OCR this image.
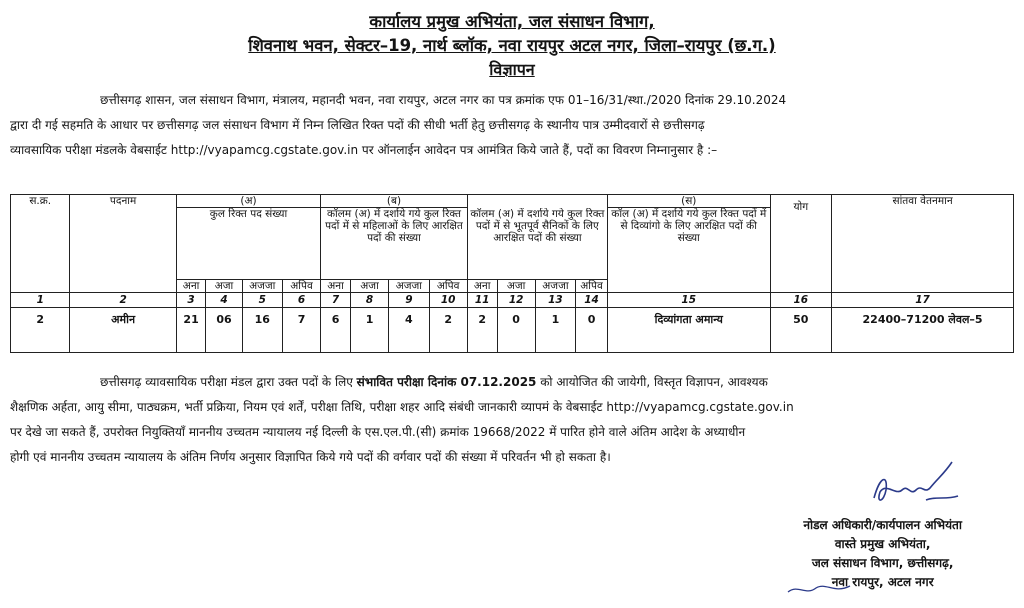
कार्यालय प्रमुख अभियंता, जल संसाधन विभाग,
शिवनाथ भवन, सेक्टर–19, नार्थ ब्लॉक, नवा रायपुर अटल नगर, जिला–रायपुर (छ.ग.)
विज्ञापन
छत्तीसगढ़ शासन, जल संसाधन विभाग, मंत्रालय, महानदी भवन, नवा रायपुर, अटल नगर का पत्र क्रमांक एफ 01–16/31/स्था./2020 दिनांक 29.10.2024
द्वारा दी गई सहमति के आधार पर छत्तीसगढ़ जल संसाधन विभाग में निम्न लिखित रिक्त पदों की सीधी भर्ती हेतु छत्तीसगढ़ के स्थानीय पात्र उम्मीदवारों से छत्तीसगढ़
व्यावसायिक परीक्षा मंडलके वेबसाईट http://vyapamcg.cgstate.gov.in पर ऑनलाईन आवेदन पत्र आमंत्रित किये जाते हैं, पदों का विवरण निम्नानुसार है :–
स.क्र.	पदनाम	(अ)				(ब)								(स)	योग	सांतवा वेतनमान
		कुल रिक्त पद संख्या				कॉलम (अ) में दर्शाये गये कुल रिक्त पदों में से महिलाओं के लिए आरक्षित पदों की संख्या				कॉलम (अ) में दर्शाये गये कुल रिक्त पदों में से भूतपूर्व सैनिकों के लिए आरक्षित पदों की संख्या				कॉल (अ) में दर्शाये गये कुल रिक्त पदों में से दिव्यांगो के लिए आरक्षित पदों की संख्या		
		अना	अजा	अजजा	अपिव	अना	अजा	अजजा	अपिव	अना	अजा	अजजा	अपिव			
1	2	3	4	5	6	7	8	9	10	11	12	13	14	15	16	17
2	अमीन	21	06	16	7	6	1	4	2	2	0	1	0	दिव्यांगता अमान्य	50	22400–71200 लेवल–5
छत्तीसगढ़ व्यावसायिक परीक्षा मंडल द्वारा उक्त पदों के लिए संभावित परीक्षा दिनांक 07.12.2025 को आयोजित की जायेगी, विस्तृत विज्ञापन, आवश्यक
शैक्षणिक अर्हता, आयु सीमा, पाठ्यक्रम, भर्ती प्रक्रिया, नियम एवं शर्तें, परीक्षा तिथि, परीक्षा शहर आदि संबंधी जानकारी व्यापमं के वेबसाईट http://vyapamcg.cgstate.gov.in
पर देखे जा सकते हैं, उपरोक्त नियुक्तियाँ माननीय उच्चतम न्यायालय नई दिल्ली के एस.एल.पी.(सी) क्रमांक 19668/2022 में पारित होने वाले अंतिम आदेश के अध्याधीन
होगी एवं माननीय उच्चतम न्यायालय के अंतिम निर्णय अनुसार विज्ञापित किये गये पदों की वर्गवार पदों की संख्या में परिवर्तन भी हो सकता है।
नोडल अधिकारी/कार्यपालन अभियंता
वास्ते प्रमुख अभियंता,
जल संसाधन विभाग, छत्तीसगढ़,
नवा रायपुर, अटल नगर
